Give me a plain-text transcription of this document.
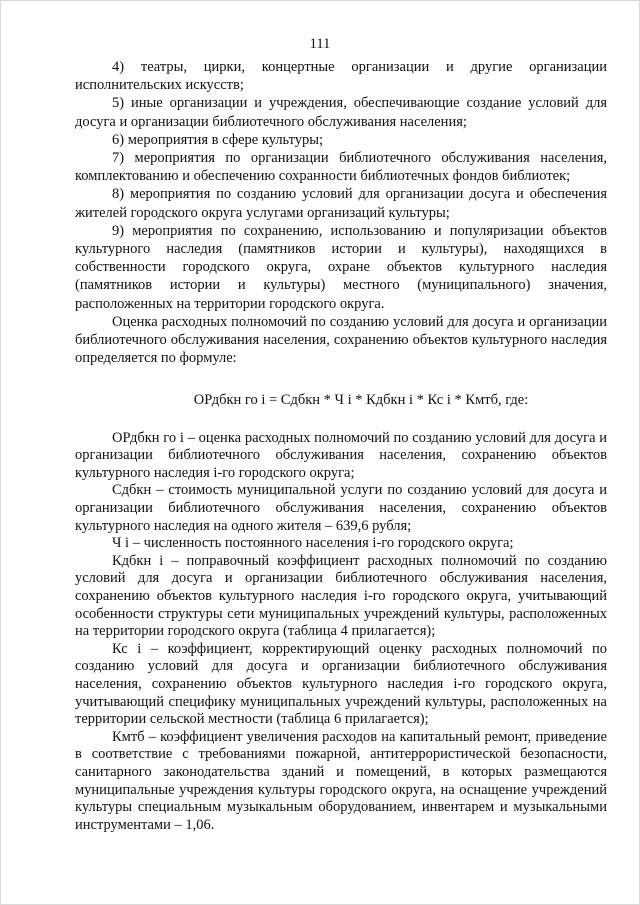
111

4) театры, цирки, концертные организации и другие организации исполнительских искусств;

5) иные организации и учреждения, обеспечивающие создание условий для досуга и организации библиотечного обслуживания населения;

6) мероприятия в сфере культуры;

7) мероприятия по организации библиотечного обслуживания населения, комплектованию и обеспечению сохранности библиотечных фондов библиотек;

8) мероприятия по созданию условий для организации досуга и обеспечения жителей городского округа услугами организаций культуры;

9) мероприятия по сохранению, использованию и популяризации объектов культурного наследия (памятников истории и культуры), находящихся в собственности городского округа, охране объектов культурного наследия (памятников истории и культуры) местного (муниципального) значения, расположенных на территории городского округа.

Оценка расходных полномочий по созданию условий для досуга и организации библиотечного обслуживания населения, сохранению объектов культурного наследия определяется по формуле:

ОРдбкн го i = Сдбкн * Ч i * Кдбкн i * Кс i * Кмтб, где:

ОРдбкн го i – оценка расходных полномочий по созданию условий для досуга и организации библиотечного обслуживания населения, сохранению объектов культурного наследия i-го городского округа;

Сдбкн – стоимость муниципальной услуги по созданию условий для досуга и организации библиотечного обслуживания населения, сохранению объектов культурного наследия на одного жителя – 639,6 рубля;

Ч i – численность постоянного населения i-го городского округа;

Кдбкн i – поправочный коэффициент расходных полномочий по созданию условий для досуга и организации библиотечного обслуживания населения, сохранению объектов культурного наследия i-го городского округа, учитывающий особенности структуры сети муниципальных учреждений культуры, расположенных на территории городского округа (таблица 4 прилагается);

Кс i – коэффициент, корректирующий оценку расходных полномочий по созданию условий для досуга и организации библиотечного обслуживания населения, сохранению объектов культурного наследия i-го городского округа, учитывающий специфику муниципальных учреждений культуры, расположенных на территории сельской местности (таблица 6 прилагается);

Кмтб – коэффициент увеличения расходов на капитальный ремонт, приведение в соответствие с требованиями пожарной, антитеррористической безопасности, санитарного законодательства зданий и помещений, в которых размещаются муниципальные учреждения культуры городского округа, на оснащение учреждений культуры специальным музыкальным оборудованием, инвентарем и музыкальными инструментами – 1,06.
